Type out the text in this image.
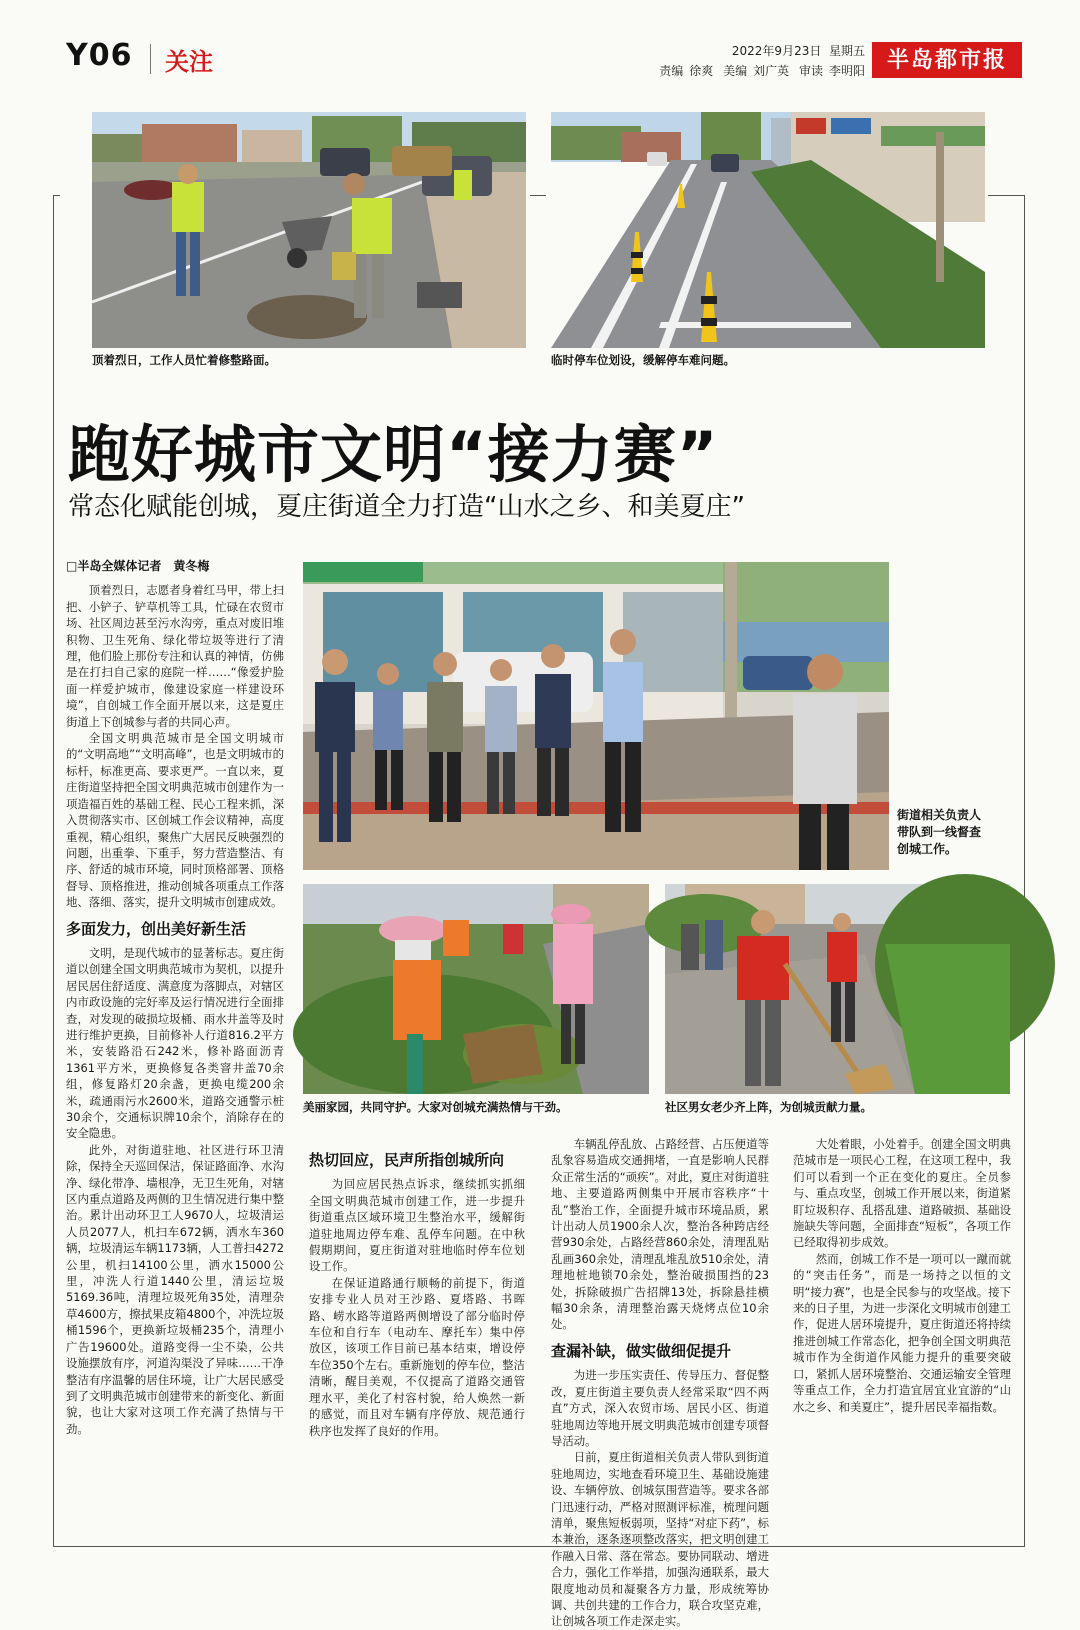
Y06 关注	2022年9月23日 星期五
责编 徐爽 美编 刘广英 审读 李明阳 半岛都市报
顶着烈日，工作人员忙着修整路面。	临时停车位划设，缓解停车难问题。
跑好城市文明“接力赛”
常态化赋能创城，夏庄街道全力打造“山水之乡、和美夏庄”
街道相关负责人带队到一线督查创城工作。
美丽家园，共同守护。大家对创城充满热情与干劲。	社区男女老少齐上阵，为创城贡献力量。
□半岛全媒体记者　黄冬梅

顶着烈日，志愿者身着红马甲，带上扫把、小铲子、铲草机等工具，忙碌在农贸市场、社区周边甚至污水沟旁，重点对废旧堆积物、卫生死角、绿化带垃圾等进行了清理，他们脸上那份专注和认真的神情，仿佛是在打扫自己家的庭院一样……“像爱护脸面一样爱护城市，像建设家庭一样建设环境”，自创城工作全面开展以来，这是夏庄街道上下创城参与者的共同心声。

全国文明典范城市是全国文明城市的“文明高地”“文明高峰”，也是文明城市的标杆，标准更高、要求更严。一直以来，夏庄街道坚持把全国文明典范城市创建作为一项造福百姓的基础工程、民心工程来抓，深入贯彻落实市、区创城工作会议精神，高度重视，精心组织，聚焦广大居民反映强烈的问题，出重拳、下重手，努力营造整洁、有序、舒适的城市环境，同时顶格部署、顶格督导、顶格推进，推动创城各项重点工作落地、落细、落实，提升文明城市创建成效。

多面发力，创出美好新生活

文明，是现代城市的显著标志。夏庄街道以创建全国文明典范城市为契机，以提升居民居住舒适度、满意度为落脚点，对辖区内市政设施的完好率及运行情况进行全面排查，对发现的破损垃圾桶、雨水井盖等及时进行维护更换，目前修补人行道816.2平方米，安装路沿石242米，修补路面沥青1361平方米，更换修复各类窨井盖70余组，修复路灯20余盏，更换电缆200余米，疏通雨污水2600米，道路交通警示桩30余个，交通标识牌10余个，消除存在的安全隐患。

此外，对街道驻地、社区进行环卫清除，保持全天巡回保洁，保证路面净、水沟净、绿化带净、墙根净，无卫生死角，对辖区内重点道路及两侧的卫生情况进行集中整治。累计出动环卫工人9670人，垃圾清运人员2077人，机扫车672辆，洒水车360辆，垃圾清运车辆1173辆，人工普扫4272公里，机扫14100公里，洒水15000公里，冲洗人行道1440公里，清运垃圾5169.36吨，清理垃圾死角35处，清理杂草4600方，擦拭果皮箱4800个，冲洗垃圾桶1596个，更换新垃圾桶235个，清理小广告19600处。道路变得一尘不染，公共设施摆放有序，河道沟渠没了异味……干净整洁有序温馨的居住环境，让广大居民感受到了文明典范城市创建带来的新变化、新面貌，也让大家对这项工作充满了热情与干劲。

热切回应，民声所指创城所向

为回应居民热点诉求，继续抓实抓细全国文明典范城市创建工作，进一步提升街道重点区域环境卫生整治水平，缓解街道驻地周边停车难、乱停车问题。在中秋假期期间，夏庄街道对驻地临时停车位划设工作。

在保证道路通行顺畅的前提下，街道安排专业人员对王沙路、夏塔路、书晖路、崂水路等道路两侧增设了部分临时停车位和自行车（电动车、摩托车）集中停放区，该项工作目前已基本结束，增设停车位350个左右。重新施划的停车位，整洁清晰，醒目美观，不仅提高了道路交通管理水平，美化了村容村貌，给人焕然一新的感觉，而且对车辆有序停放、规范通行秩序也发挥了良好的作用。

车辆乱停乱放、占路经营、占压便道等乱象容易造成交通拥堵，一直是影响人民群众正常生活的“顽疾”。对此，夏庄对街道驻地、主要道路两侧集中开展市容秩序“十乱”整治工作，全面提升城市环境品质，累计出动人员1900余人次，整治各种跨店经营930余处，占路经营860余处，清理乱贴乱画360余处，清理乱堆乱放510余处，清理地桩地锁70余处，整治破损围挡的23处，拆除破损广告招牌13处，拆除悬挂横幅30余条，清理整治露天烧烤点位10余处。

查漏补缺，做实做细促提升

为进一步压实责任、传导压力、督促整改，夏庄街道主要负责人经常采取“四不两直”方式，深入农贸市场、居民小区、街道驻地周边等地开展文明典范城市创建专项督导活动。

日前，夏庄街道相关负责人带队到街道驻地周边，实地查看环境卫生、基础设施建设、车辆停放、创城氛围营造等。要求各部门迅速行动，严格对照测评标准，梳理问题清单，聚焦短板弱项，坚持“对症下药”，标本兼治，逐条逐项整改落实，把文明创建工作融入日常、落在常态。要协同联动、增进合力，强化工作举措，加强沟通联系，最大限度地动员和凝聚各方力量，形成统筹协调、共创共建的工作合力，联合攻坚克难，让创城各项工作走深走实。

大处着眼，小处着手。创建全国文明典范城市是一项民心工程，在这项工程中，我们可以看到一个正在变化的夏庄。全员参与、重点攻坚，创城工作开展以来，街道紧盯垃圾积存、乱搭乱建、道路破损、基础设施缺失等问题，全面排查“短板”，各项工作已经取得初步成效。

然而，创城工作不是一项可以一蹴而就的“突击任务”，而是一场持之以恒的文明“接力赛”，也是全民参与的攻坚战。接下来的日子里，为进一步深化文明城市创建工作，促进人居环境提升，夏庄街道还将持续推进创城工作常态化，把争创全国文明典范城市作为全街道作风能力提升的重要突破口，紧抓人居环境整治、交通运输安全管理等重点工作，全力打造宜居宜业宜游的“山水之乡、和美夏庄”，提升居民幸福指数。
